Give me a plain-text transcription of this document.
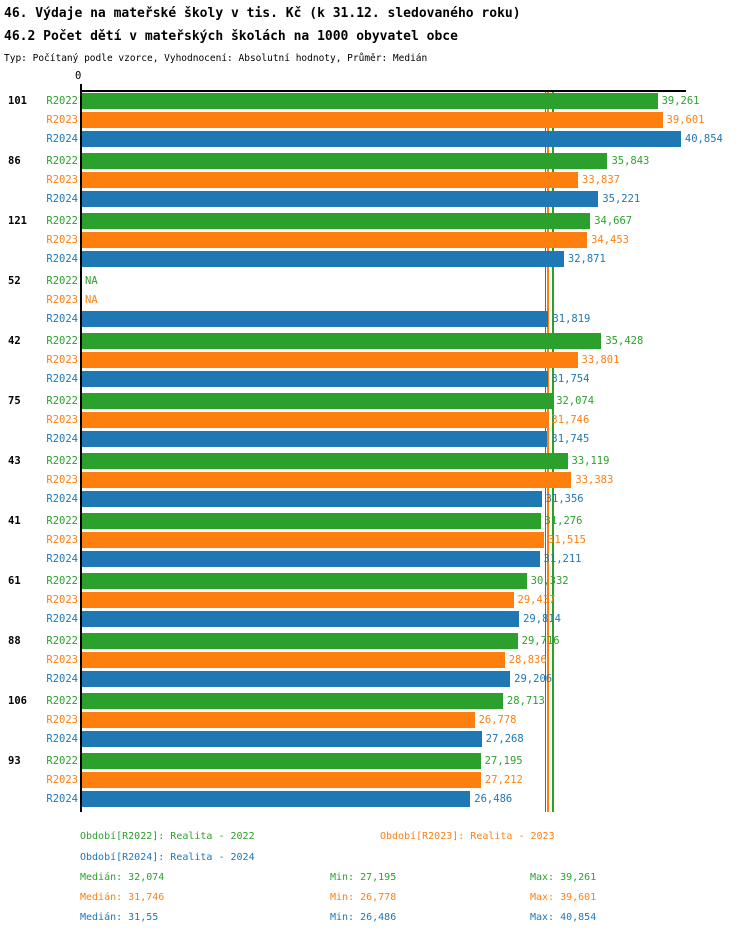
46. Výdaje na mateřské školy v tis. Kč (k 31.12. sledovaného roku)
46.2 Počet dětí v mateřských školách na 1000 obyvatel obce
Typ: Počítaný podle vzorce, Vyhodnocení: Absolutní hodnoty, Průměr: Medián
0
101	R2022	39,261
R2023	39,601
R2024	40,854
86	R2022	35,843
R2023	33,837
R2024	35,221
121	R2022	34,667
R2023	34,453
R2024	32,871
52	R2022 NA
R2023 NA
R2024	31,819
42	R2022	35,428
R2023	33,801
R2024	31,754
75	R2022	32,074
R2023	31,746
R2024	31,745
43	R2022	33,119
R2023	33,383
R2024	31,356
41	R2022	31,276
R2023	31,515
R2024	31,211
61	R2022	30,332
R2023	29,437
R2024	29,814
88	R2022	29,716
R2023	28,836
R2024	29,206
106	R2022	28,713
R2023	26,778
R2024	27,268
93	R2022	27,195
R2023	27,212
R2024	26,486
Období[R2022]: Realita - 2022	Období[R2023]: Realita - 2023
Období[R2024]: Realita - 2024
Medián: 32,074	Min: 27,195	Max: 39,261
Medián: 31,746	Min: 26,778	Max: 39,601
Medián: 31,55	Min: 26,486	Max: 40,854
